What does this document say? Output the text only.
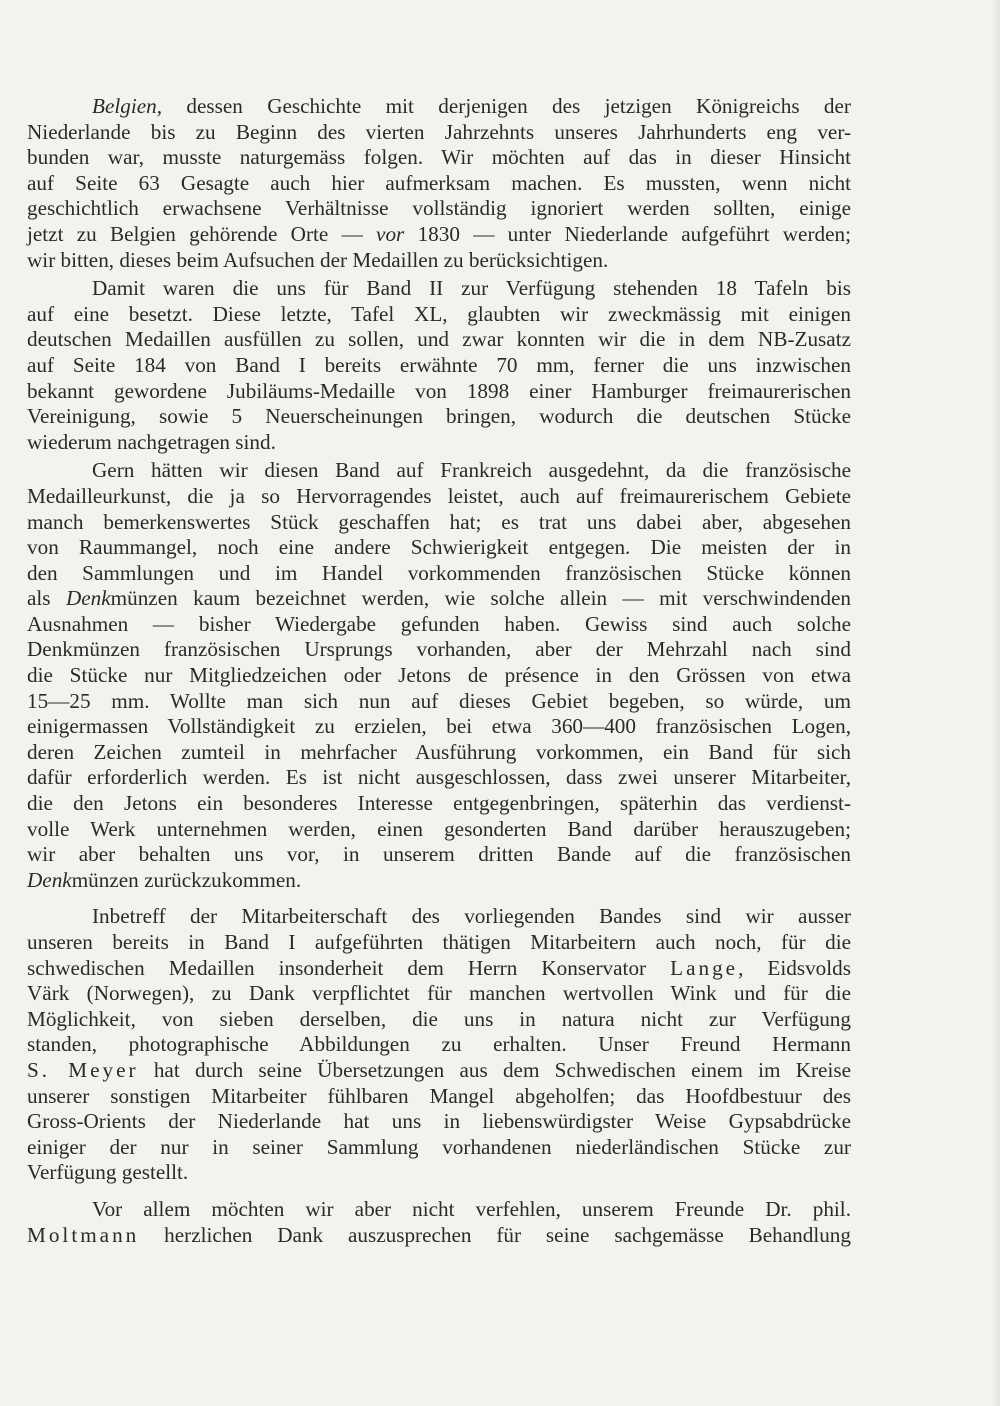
Belgien, dessen Geschichte mit derjenigen des jetzigen Königreichs der
Niederlande bis zu Beginn des vierten Jahrzehnts unseres Jahrhunderts eng ver-
bunden war, musste naturgemäss folgen. Wir möchten auf das in dieser Hinsicht
auf Seite 63 Gesagte auch hier aufmerksam machen. Es mussten, wenn nicht
geschichtlich erwachsene Verhältnisse vollständig ignoriert werden sollten, einige
jetzt zu Belgien gehörende Orte — vor 1830 — unter Niederlande aufgeführt werden;
wir bitten, dieses beim Aufsuchen der Medaillen zu berücksichtigen.
Damit waren die uns für Band II zur Verfügung stehenden 18 Tafeln bis
auf eine besetzt. Diese letzte, Tafel XL, glaubten wir zweckmässig mit einigen
deutschen Medaillen ausfüllen zu sollen, und zwar konnten wir die in dem NB-Zusatz
auf Seite 184 von Band I bereits erwähnte 70 mm, ferner die uns inzwischen
bekannt gewordene Jubiläums-Medaille von 1898 einer Hamburger freimaurerischen
Vereinigung, sowie 5 Neuerscheinungen bringen, wodurch die deutschen Stücke
wiederum nachgetragen sind.
Gern hätten wir diesen Band auf Frankreich ausgedehnt, da die französische
Medailleurkunst, die ja so Hervorragendes leistet, auch auf freimaurerischem Gebiete
manch bemerkenswertes Stück geschaffen hat; es trat uns dabei aber, abgesehen
von Raummangel, noch eine andere Schwierigkeit entgegen. Die meisten der in
den Sammlungen und im Handel vorkommenden französischen Stücke können
als Denkmünzen kaum bezeichnet werden, wie solche allein — mit verschwindenden
Ausnahmen — bisher Wiedergabe gefunden haben. Gewiss sind auch solche
Denkmünzen französischen Ursprungs vorhanden, aber der Mehrzahl nach sind
die Stücke nur Mitgliedzeichen oder Jetons de présence in den Grössen von etwa
15—25 mm. Wollte man sich nun auf dieses Gebiet begeben, so würde, um
einigermassen Vollständigkeit zu erzielen, bei etwa 360—400 französischen Logen,
deren Zeichen zumteil in mehrfacher Ausführung vorkommen, ein Band für sich
dafür erforderlich werden. Es ist nicht ausgeschlossen, dass zwei unserer Mitarbeiter,
die den Jetons ein besonderes Interesse entgegenbringen, späterhin das verdienst-
volle Werk unternehmen werden, einen gesonderten Band darüber herauszugeben;
wir aber behalten uns vor, in unserem dritten Bande auf die französischen
Denkmünzen zurückzukommen.
Inbetreff der Mitarbeiterschaft des vorliegenden Bandes sind wir ausser
unseren bereits in Band I aufgeführten thätigen Mitarbeitern auch noch, für die
schwedischen Medaillen insonderheit dem Herrn Konservator Lange, Eidsvolds
Värk (Norwegen), zu Dank verpflichtet für manchen wertvollen Wink und für die
Möglichkeit, von sieben derselben, die uns in natura nicht zur Verfügung
standen, photographische Abbildungen zu erhalten. Unser Freund Hermann
S. Meyer hat durch seine Übersetzungen aus dem Schwedischen einem im Kreise
unserer sonstigen Mitarbeiter fühlbaren Mangel abgeholfen; das Hoofdbestuur des
Gross-Orients der Niederlande hat uns in liebenswürdigster Weise Gypsabdrücke
einiger der nur in seiner Sammlung vorhandenen niederländischen Stücke zur
Verfügung gestellt.
Vor allem möchten wir aber nicht verfehlen, unserem Freunde Dr. phil.
Moltmann herzlichen Dank auszusprechen für seine sachgemässe Behandlung
